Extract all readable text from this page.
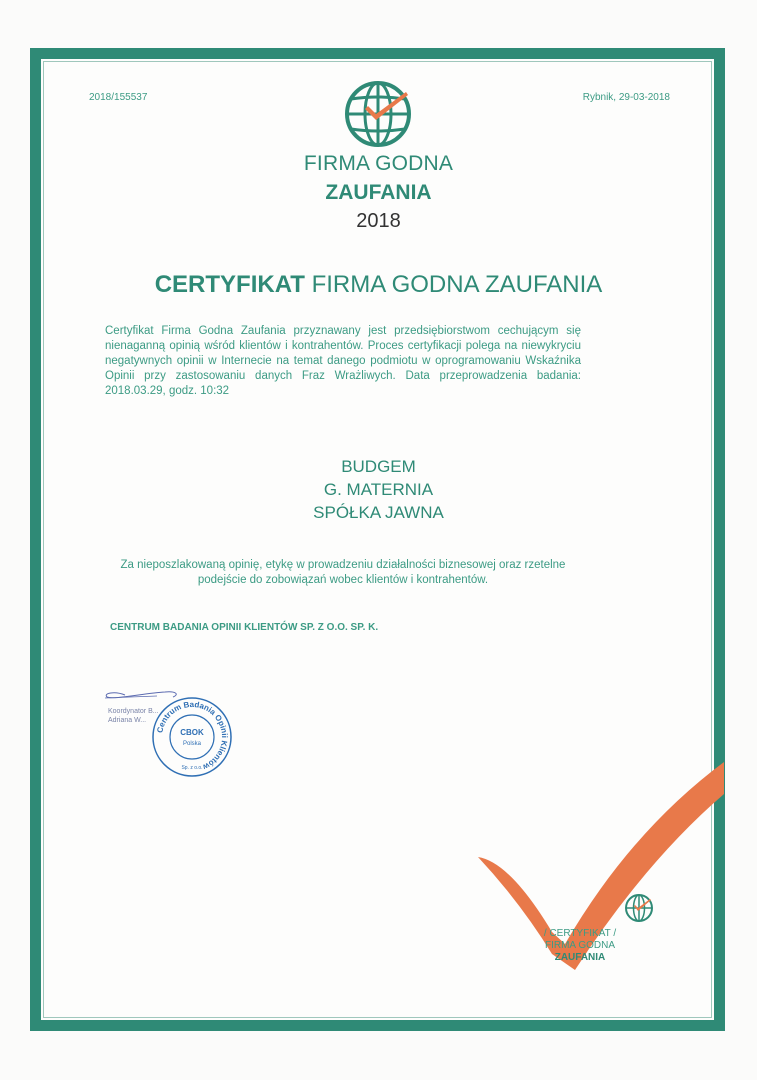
2018/155537	Rybnik, 29-03-2018
FIRMA GODNA
ZAUFANIA
2018
CERTYFIKAT FIRMA GODNA ZAUFANIA
Certyfikat Firma Godna Zaufania przyznawany jest przedsiębiorstwom cechującym się nienaganną opinią wśród klientów i kontrahentów. Proces certyfikacji polega na niewykryciu negatywnych opinii w Internecie na temat danego podmiotu w oprogramowaniu Wskaźnika Opinii przy zastosowaniu danych Fraz Wrażliwych. Data przeprowadzenia badania: 2018.03.29, godz. 10:32
BUDGEM
G. MATERNIA
SPÓŁKA JAWNA
Za nieposzlakowaną opinię, etykę w prowadzeniu działalności biznesowej oraz rzetelne podejście do zobowiązań wobec klientów i kontrahentów.
CENTRUM BADANIA OPINII KLIENTÓW SP. Z O.O. SP. K.
Koordynator B...
Adriana W...
Centrum Badania Opinii Klientów
CBOK
Polska
Sp. z o.o.
/ CERTYFIKAT /
FIRMA GODNA
ZAUFANIA
